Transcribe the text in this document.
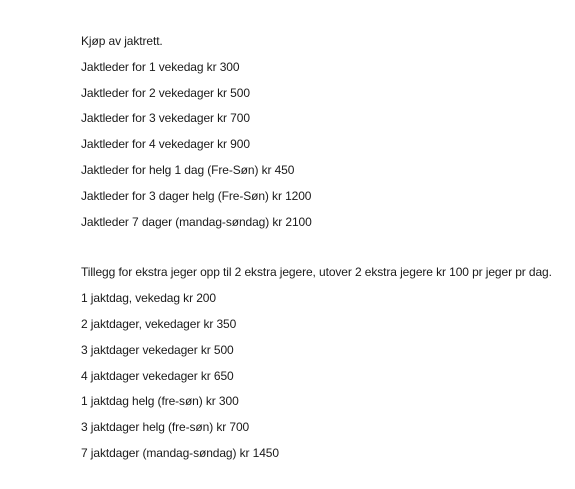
Kjøp av jaktrett.
Jaktleder for 1 vekedag kr 300
Jaktleder for 2 vekedager kr 500
Jaktleder for 3 vekedager kr 700
Jaktleder for 4 vekedager kr 900
Jaktleder for helg 1 dag (Fre-Søn) kr 450
Jaktleder for 3 dager helg (Fre-Søn) kr 1200
Jaktleder 7 dager (mandag-søndag) kr 2100
Tillegg for ekstra jeger opp til 2 ekstra jegere, utover 2 ekstra jegere kr 100 pr jeger pr dag.
1 jaktdag, vekedag kr 200
2 jaktdager, vekedager kr 350
3 jaktdager vekedager kr 500
4 jaktdager vekedager kr 650
1 jaktdag helg (fre-søn) kr 300
3 jaktdager helg (fre-søn) kr 700
7 jaktdager (mandag-søndag) kr 1450
